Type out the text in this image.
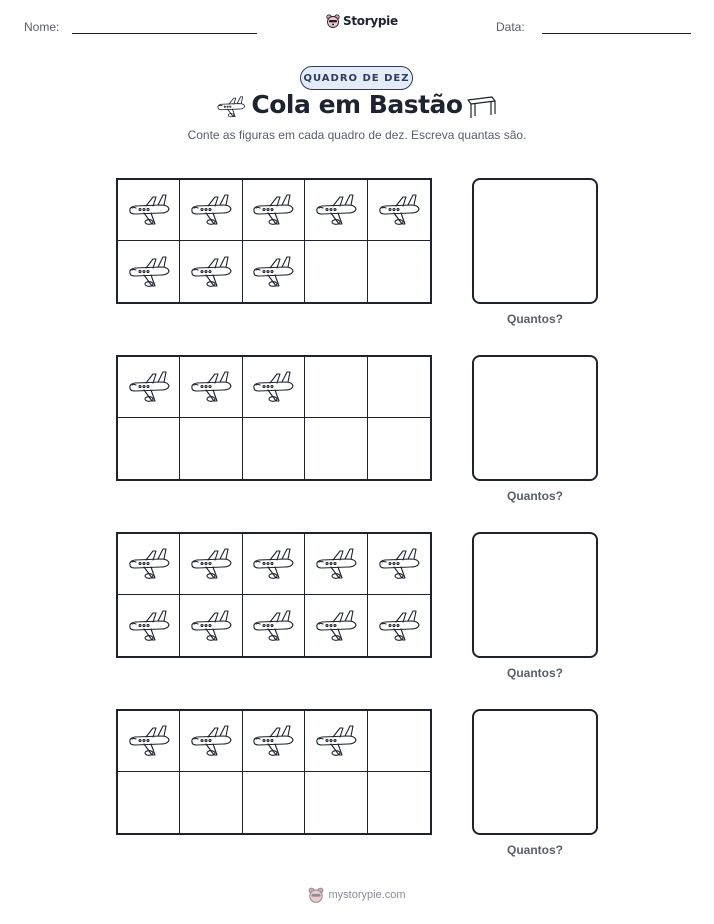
Nome:	Storypie	Data:
QUADRO DE DEZ
Cola em Bastão
Conte as figuras em cada quadro de dez. Escreva quantas são.
Quantos?
Quantos?
Quantos?
Quantos?
mystorypie.com
